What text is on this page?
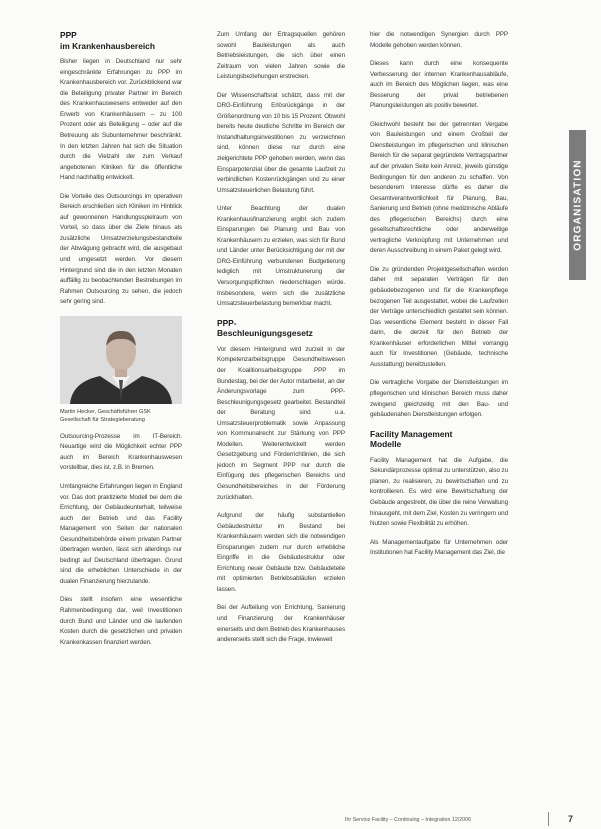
PPP
im Krankenhausbereich

Bisher liegen in Deutschland nur sehr eingeschränkte Erfahrungen zu PPP im Krankenhausbereich vor. Zurückblickend war die Beteiligung privater Partner im Bereich des Krankenhauswesens entweder auf den Erwerb von Krankenhäusern – zu 100 Prozent oder als Beteiligung – oder auf die Betreuung als Subunternehmer beschränkt. In den letzten Jahren hat sich die Situation durch die Vielzahl der zum Verkauf angebotenen Kliniken für die öffentliche Hand nachhaltig entwickelt.

Die Vorteile des Outsourcings im operativen Bereich erschließen sich Kliniken im Hinblick auf gewonnenen Handlungsspielraum von Vorteil, so dass über die Ziele hinaus als zusätzliche Umsatzerzielungsbestandteile der Abwägung gebracht wird, die ausgebaut und umgesetzt werden. Vor diesem Hintergrund sind die in den letzten Monaten auffällig zu beobachtenden Bestrebungen im Rahmen Outsourcing zu sehen, die jedoch sehr gering sind.

Martin Hecker, Geschäftsführer GSK Gesellschaft für Strategieberatung

Outsourcing-Prozesse im IT-Bereich. Neuartige wird die Möglichkeit echter PPP auch im Bereich Krankenhauswesen vorstellbar, dies ist, z.B. in Bremen.

Umfangreiche Erfahrungen liegen in England vor. Das dort praktizierte Modell bei dem die Errichtung, der Gebäudeunterhalt, teilweise auch der Betrieb und das Facility Management von Seiten der nationalen Gesundheitsbehörde einem privaten Partner übertragen werden, lässt sich allerdings nur bedingt auf Deutschland übertragen. Grund sind die erheblichen Unterschiede in der dualen Finanzierung hierzulande.

Dies stellt insofern eine wesentliche Rahmenbedingung dar, weil Investitionen durch Bund und Länder und die laufenden Kosten durch die gesetzlichen und privaten Krankenkassen finanziert werden.

Zum Umfang der Ertragsquellen gehören sowohl Bauleistungen als auch Betriebsleistungen, die sich über einen Zeitraum von vielen Jahren sowie die Leistungsbeziehungen erstrecken.

Der Wissenschaftsrat schätzt, dass mit der DRG-Einführung Erlösrückgänge in der Größenordnung von 10 bis 15 Prozent. Obwohl bereits heute deutliche Schritte im Bereich der Instandhaltungsinvestitionen zu verzeichnen sind, können diese nur durch eine zielgerichtete PPP gehoben werden, wenn das Einsparpotenzial über die gesamte Laufzeit zu verbindlichen Kostenrückgängen und zu einer Umsatzsteuerlichen Belastung führt.

Unter Beachtung der dualen Krankenhausfinanzierung ergibt sich zudem Einsparungen bei Planung und Bau von Krankenhäusern zu erzielen, was sich für Bund und Länder unter Berücksichtigung der mit der DRG-Einführung verbundenen Budgetierung lediglich mit Umstrukturierung der Versorgungspflichten niederschlagen würde. Insbesondere, wenn sich die zusätzliche Umsatzsteuerbelastung bemerkbar macht.

PPP-
Beschleunigungsgesetz

Vor diesem Hintergrund wird zurzeit in der Kompetenzarbeitsgruppe Gesundheitswesen der Koalitionsarbeitsgruppe PPP im Bundestag, bei der der Autor mitarbeitet, an der Änderungsvorlage zum PPP-Beschleunigungsgesetz gearbeitet. Bestandteil der Beratung sind u.a. Umsatzsteuerproblematik sowie Anpassung von Kommunalrecht zur Stärkung von PPP Modellen. Weiterentwickelt werden Gesetzgebung und Förderrichtlinien, die sich jedoch im Segment PPP nur durch die Einfügung des pflegerischen Bereichs und Gesundheitsbereiches in der Förderung zurückhalten.

Aufgrund der häufig substantiellen Gebäudestruktur im Bestand bei Krankenhäusern werden sich die notwendigen Einsparungen zudem nur durch erhebliche Eingriffe in die Gebäudestruktur oder Errichtung neuer Gebäude bzw. Gebäudeteile mit optimierten Betriebsabläufen erzielen lassen.

Bei der Aufteilung von Errichtung, Sanierung und Finanzierung der Krankenhäuser einerseits und dem Betrieb des Krankenhauses andererseits stellt sich die Frage, inwieweit

hier die notwendigen Synergien durch PPP Modelle gehoben werden können.

Dieses kann durch eine konsequente Verbesserung der internen Krankenhausabläufe, auch im Bereich des Möglichen liegen, was eine Besserung der privat betriebenen Planungsleistungen als positiv bewertet.

Gleichwohl besteht bei der getrennten Vergabe von Bauleistungen und einem Großteil der Dienstleistungen im pflegerischen und klinischen Bereich für die separat gegründete Vertragspartner auf der privaten Seite kein Anreiz, jeweils günstige Bedingungen für den anderen zu schaffen. Von besonderem Interesse dürfte es daher die Gesamtverantwortlichkeit für Planung, Bau, Sanierung und Betrieb (ohne medizinische Abläufe des pflegerischen Bereichs) durch eine gesellschaftsrechtliche oder anderweitige vertragliche Verknüpfung mit Unternehmen und deren Ausschreibung in einem Paket gelegt wird.

Die zu gründenden Projektgesellschaften werden daher mit separaten Verträgen für den gebäudebezogenen und für die Krankenpflege bezogenen Teil ausgestattet, wobei die Laufzeiten der Verträge unterschiedlich gestaltet sein können. Das wesentliche Element besteht in dieser Fall darin, die derzeit für den Betrieb der Krankenhäuser erforderlichen Mittel vorrangig auch für Investitionen (Gebäude, technische Ausstattung) bereitzustellen.

Die vertragliche Vorgabe der Dienstleistungen im pflegerischen und klinischen Bereich muss daher zwingend gleichzeitig mit den Bau- und gebäudenahen Dienstleistungen erfolgen.

Facility Management
Modelle

Facility Management hat die Aufgabe, die Sekundärprozesse optimal zu unterstützen, also zu planen, zu realisieren, zu bewirtschaften und zu kontrollieren. Es wird eine Bewirtschaftung der Gebäude angestrebt, die über die reine Verwaltung hinausgeht, mit dem Ziel, Kosten zu verringern und Nutzen sowie Flexibilität zu erhöhen.

Als Managementaufgabe für Unternehmen oder Institutionen hat Facility Management das Ziel, die

ORGANISATION
Ihr Service Facility – Continuing – Integration 12/2006	7
